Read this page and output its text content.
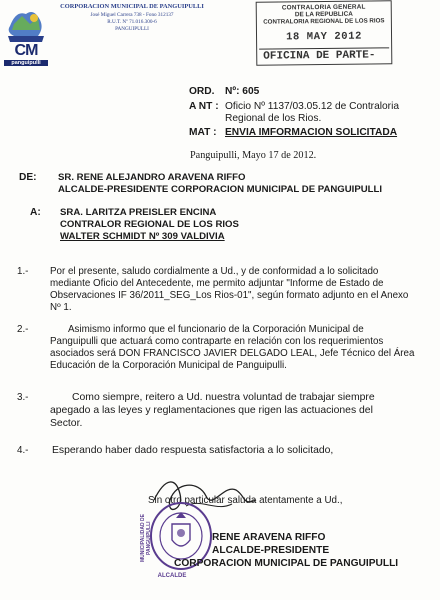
CM
panguipulli
CORPORACION MUNICIPAL DE PANGUIPULLI
José Miguel Carrera 738 - Fono 312137
R.U.T. Nº 71.016.300-6
PANGUIPULLI
CONTRALORIA GENERAL
DE LA REPUBLICA
CONTRALORIA REGIONAL DE LOS RIOS
18 MAY 2012
OFICINA DE PARTE-
ORD. Nº: 605
A NT : Oficio Nº 1137/03.05.12 de Contraloria
Regional de los Rios.
MAT : ENVIA IMFORMACION SOLICITADA
Panguipulli, Mayo 17 de 2012.
DE: SR. RENE ALEJANDRO ARAVENA RIFFO
ALCALDE-PRESIDENTE CORPORACION MUNICIPAL DE PANGUIPULLI
A: SRA. LARITZA PREISLER ENCINA
CONTRALOR REGIONAL DE LOS RIOS
WALTER SCHMIDT Nº 309 VALDIVIA
1.- Por el presente, saludo cordialmente a Ud., y de conformidad a lo solicitado
mediante Oficio del Antecedente, me permito adjuntar "Informe de Estado de
Observaciones IF 36/2011_SEG_Los Rios-01", según formato adjunto en el Anexo
Nº 1.
2.-	Asimismo informo que el funcionario de la Corporación Municipal de
Panguipulli que actuará como contraparte en relación con los requerimientos
asociados será DON FRANCISCO JAVIER DELGADO LEAL, Jefe Técnico del Área
Educación de la Corporación Municipal de Panguipulli.
3.-	Como siempre, reitero a Ud. nuestra voluntad de trabajar siempre
apegado a las leyes y reglamentaciones que rigen las actuaciones del
Sector.
4.- Esperando haber dado respuesta satisfactoria a lo solicitado,
Sin otro particular saluda atentamente a Ud.,
MUNICIPALIDAD DE PANGUIPULLI
ALCALDE
RENE ARAVENA RIFFO
ALCALDE-PRESIDENTE
CORPORACION MUNICIPAL DE PANGUIPULLI
